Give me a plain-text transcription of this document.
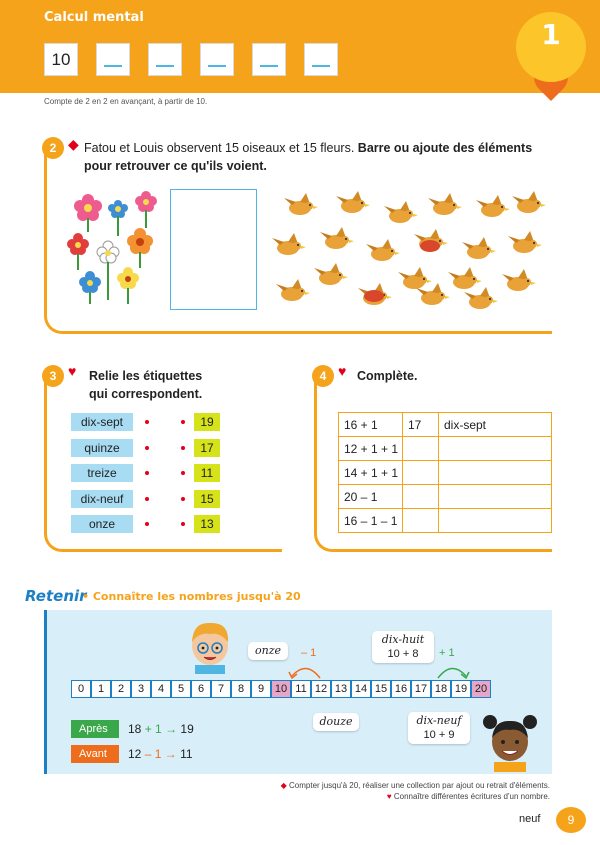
Calcul mental
10
Compte de 2 en 2 en avançant, à partir de 10.
1
2 ◆ Fatou et Louis observent 15 oiseaux et 15 fleurs. Barre ou ajoute des éléments pour retrouver ce qu'ils voient.
3 ♥ Relie les étiquettes qui correspondent.
dix-sept
quinze
treize
dix-neuf
onze
19
17
11
15
13
4 ♥ Complète.
16 + 1	17	dix-sept
12 + 1 + 1		
14 + 1 + 1		
20 – 1		
16 – 1 – 1		
Retenir
• Connaître les nombres jusqu'à 20
0	1	2	3	4	5	6	7	8	9 10 11 12 13 14 15 16 17 18 19 20
onze
douze
dix-huit
10 + 8
dix-neuf
10 + 9
– 1	+ 1
Après	18 + 1 → 19
Avant	12 – 1 → 11
◆ Compter jusqu'à 20, réaliser une collection par ajout ou retrait d'éléments.
♥ Connaître différentes écritures d'un nombre.
neuf	9
